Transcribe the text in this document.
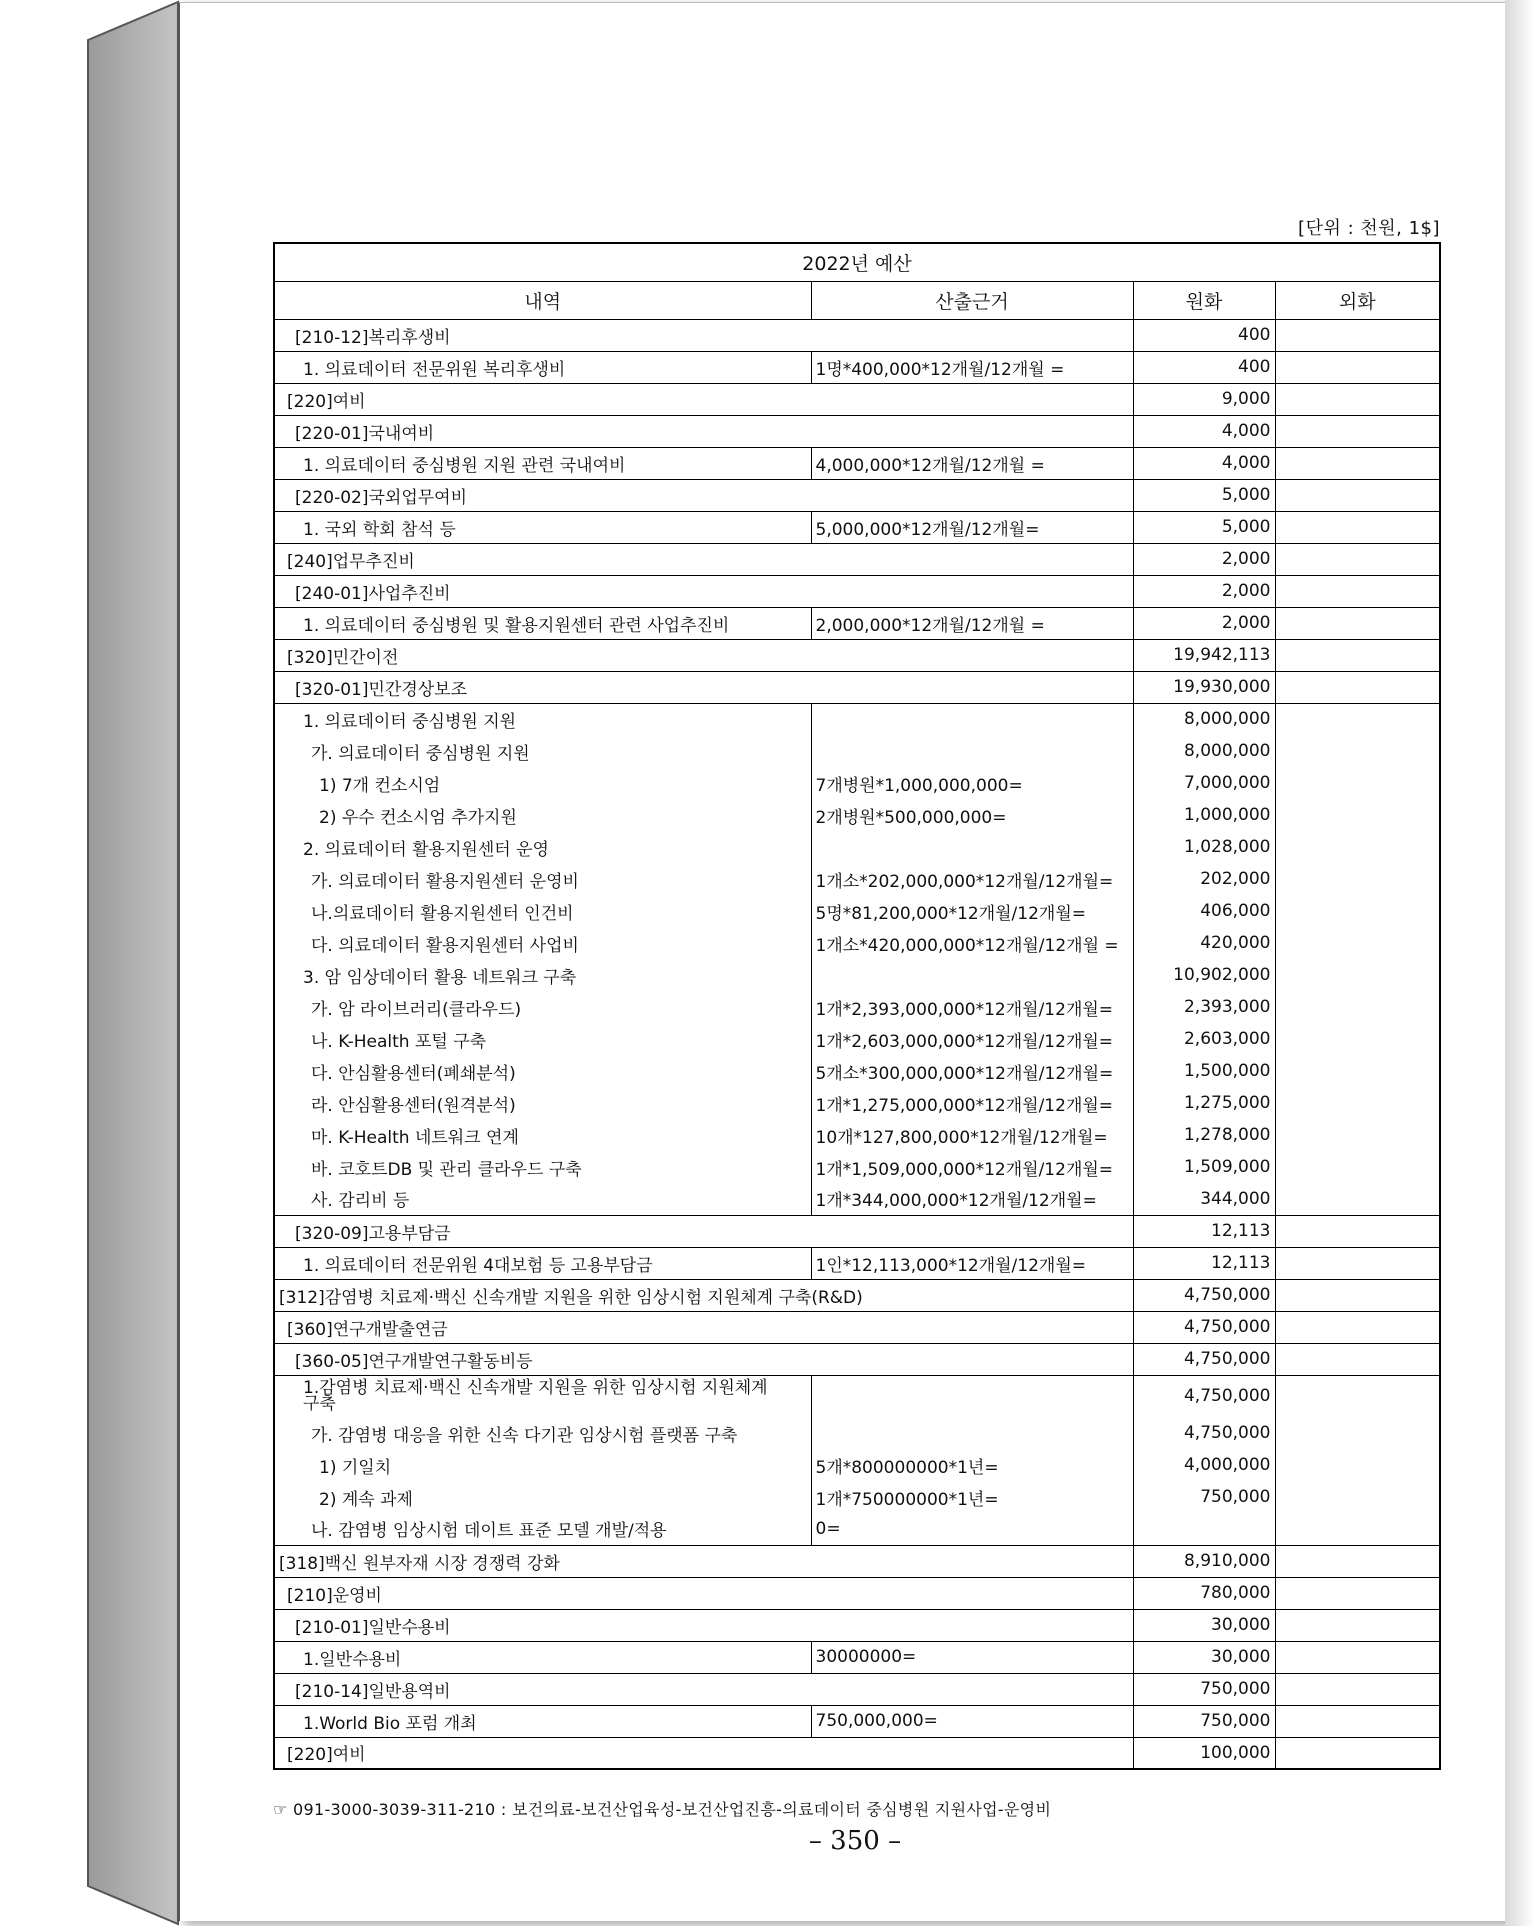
[단위 : 천원, 1$]
2022년 예산			
내역	산출근거	원화	외화
[210-12]복리후생비		400	
1. 의료데이터 전문위원 복리후생비	1명*400,000*12개월/12개월 =	400	
[220]여비		9,000	
[220-01]국내여비		4,000	
1. 의료데이터 중심병원 지원 관련 국내여비	4,000,000*12개월/12개월 =	4,000	
[220-02]국외업무여비		5,000	
1. 국외 학회 참석 등	5,000,000*12개월/12개월=	5,000	
[240]업무추진비		2,000	
[240-01]사업추진비		2,000	
1. 의료데이터 중심병원 및 활용지원센터 관련 사업추진비	2,000,000*12개월/12개월 =	2,000	
[320]민간이전		19,942,113	
[320-01]민간경상보조		19,930,000	
1. 의료데이터 중심병원 지원		8,000,000	
가. 의료데이터 중심병원 지원		8,000,000	
1) 7개 컨소시엄	7개병원*1,000,000,000=	7,000,000	
2) 우수 컨소시엄 추가지원	2개병원*500,000,000=	1,000,000	
2. 의료데이터 활용지원센터 운영		1,028,000	
가. 의료데이터 활용지원센터 운영비	1개소*202,000,000*12개월/12개월=	202,000	
나.의료데이터 활용지원센터 인건비	5명*81,200,000*12개월/12개월=	406,000	
다. 의료데이터 활용지원센터 사업비	1개소*420,000,000*12개월/12개월 =	420,000	
3. 암 임상데이터 활용 네트워크 구축		10,902,000	
가. 암 라이브러리(클라우드)	1개*2,393,000,000*12개월/12개월=	2,393,000	
나. K-Health 포털 구축	1개*2,603,000,000*12개월/12개월=	2,603,000	
다. 안심활용센터(폐쇄분석)	5개소*300,000,000*12개월/12개월=	1,500,000	
라. 안심활용센터(원격분석)	1개*1,275,000,000*12개월/12개월=	1,275,000	
마. K-Health 네트워크 연계	10개*127,800,000*12개월/12개월=	1,278,000	
바. 코호트DB 및 관리 클라우드 구축	1개*1,509,000,000*12개월/12개월=	1,509,000	
사. 감리비 등	1개*344,000,000*12개월/12개월=	344,000	
[320-09]고용부담금		12,113	
1. 의료데이터 전문위원 4대보험 등 고용부담금	1인*12,113,000*12개월/12개월=	12,113	
[312]감염병 치료제·백신 신속개발 지원을 위한 임상시험 지원체계 구축(R&D)		4,750,000	
[360]연구개발출연금		4,750,000	
[360-05]연구개발연구활동비등		4,750,000	
1.감염병 치료제·백신 신속개발 지원을 위한 임상시험 지원체계 구축		4,750,000	
가. 감염병 대응을 위한 신속 다기관 임상시험 플랫폼 구축		4,750,000	
1) 기일치	5개*800000000*1년=	4,000,000	
2) 계속 과제	1개*750000000*1년=	750,000	
나. 감염병 임상시험 데이트 표준 모델 개발/적용	0=		
[318]백신 원부자재 시장 경쟁력 강화		8,910,000	
[210]운영비		780,000	
[210-01]일반수용비		30,000	
1.일반수용비	30000000=	30,000	
[210-14]일반용역비		750,000	
1.World Bio 포럼 개최	750,000,000=	750,000	
[220]여비		100,000	
☞ 091-3000-3039-311-210 : 보건의료-보건산업육성-보건산업진흥-의료데이터 중심병원 지원사업-운영비
– 350 –
